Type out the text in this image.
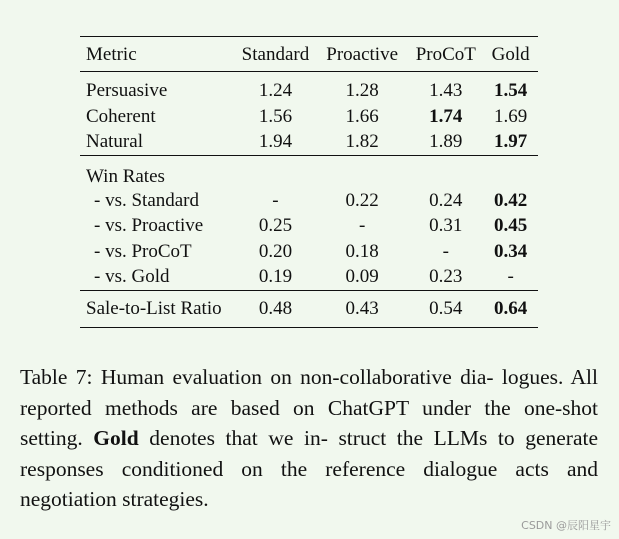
Metric	Standard	Proactive	ProCoT	Gold
Persuasive	1.24	1.28	1.43	1.54
Coherent	1.56	1.66	1.74	1.69
Natural	1.94	1.82	1.89	1.97
Win Rates				
- vs. Standard	-	0.22	0.24	0.42
- vs. Proactive	0.25	-	0.31	0.45
- vs. ProCoT	0.20	0.18	-	0.34
- vs. Gold	0.19	0.09	0.23	-
Sale-to-List Ratio	0.48	0.43	0.54	0.64
Table 7: Human evaluation on non-collaborative dia- logues. All reported methods are based on ChatGPT under the one-shot setting. Gold denotes that we in- struct the LLMs to generate responses conditioned on the reference dialogue acts and negotiation strategies.
CSDN @辰阳星宇
